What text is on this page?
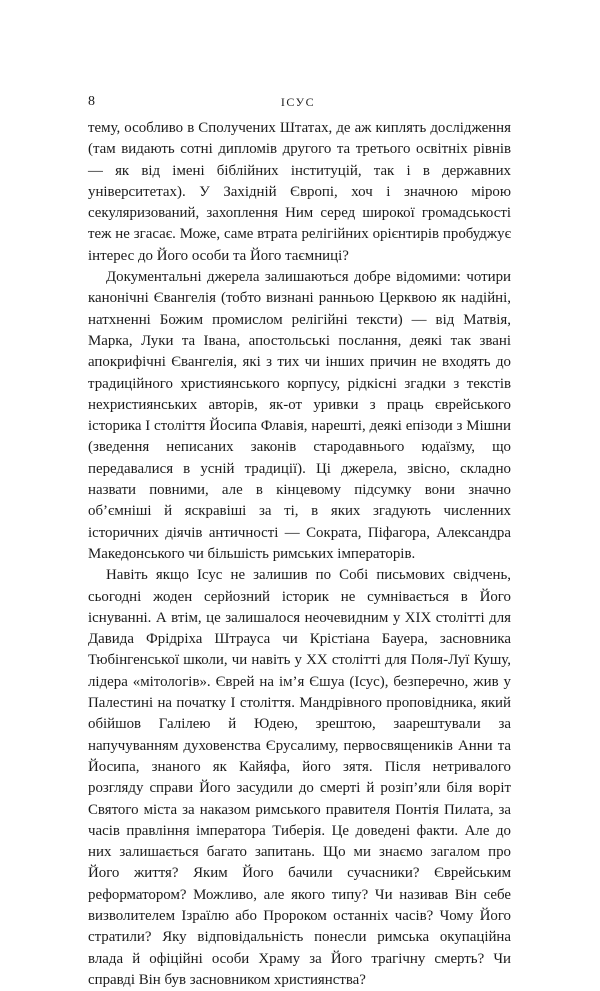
8	ІСУС

тему, особливо в Сполучених Штатах, де аж киплять дослідження (там видають сотні дипломів другого та третього освітніх рівнів — як від імені біблійних інституцій, так і в державних університетах). У Західній Європі, хоч і значною мірою секуляризований, захоплення Ним серед широкої громадськості теж не згасає. Може, саме втрата релігійних орієнтирів пробуджує інтерес до Його особи та Його таємниці?

Документальні джерела залишаються добре відомими: чотири канонічні Євангелія (тобто визнані ранньою Церквою як надійні, натхненні Божим промислом релігійні тексти) — від Матвія, Марка, Луки та Івана, апостольські послання, деякі так звані апокрифічні Євангелія, які з тих чи інших причин не входять до традиційного християнського корпусу, рідкісні згадки з текстів нехристиянських авторів, як-от уривки з праць єврейського історика І століття Йосипа Флавія, нарешті, деякі епізоди з Мішни (зведення неписаних законів стародавнього юдаїзму, що передавалися в усній традиції). Ці джерела, звісно, складно назвати повними, але в кінцевому підсумку вони значно об’ємніші й яскравіші за ті, в яких згадують численних історичних діячів античності — Сократа, Піфагора, Александра Македонського чи більшість римських імператорів.

Навіть якщо Ісус не залишив по Собі письмових свідчень, сьогодні жоден серйозний історик не сумнівається в Його існуванні. А втім, це залишалося неочевидним у XIX столітті для Давида Фрідріха Штрауса чи Крістіана Бауера, засновника Тюбінгенської школи, чи навіть у XX столітті для Поля-Луї Кушу, лідера «мітологів». Єврей на ім’я Єшуа (Ісус), безперечно, жив у Палестині на початку І століття. Мандрівного проповідника, який обійшов Галілею й Юдею, зрештою, заарештували за напучуванням духовенства Єрусалиму, первосвящеників Анни та Йосипа, знаного як Кайяфа, його зятя. Після нетривалого розгляду справи Його засудили до смерті й розіп’яли біля воріт Святого міста за наказом римського правителя Понтія Пилата, за часів правління імператора Тиберія. Це доведені факти. Але до них залишається багато запитань. Що ми знаємо загалом про Його життя? Яким Його бачили сучасники? Єврейським реформатором? Можливо, але якого типу? Чи називав Він себе визволителем Ізраїлю або Пророком останніх часів? Чому Його стратили? Яку відповідальність понесли римська окупаційна влада й офіційні особи Храму за Його трагічну смерть? Чи справді Він був засновником християнства?
